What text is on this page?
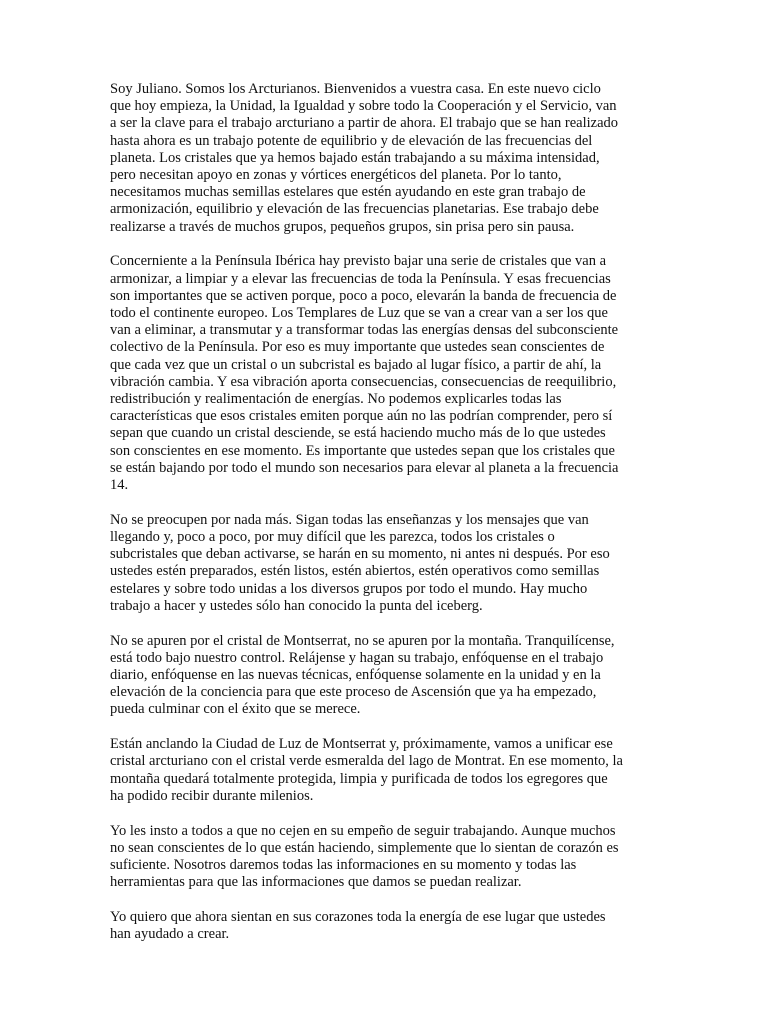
Soy Juliano. Somos los Arcturianos. Bienvenidos a vuestra casa. En este nuevo ciclo
que hoy empieza, la Unidad, la Igualdad y sobre todo la Cooperación y el Servicio, van
a ser la clave para el trabajo arcturiano a partir de ahora. El trabajo que se han realizado
hasta ahora es un trabajo potente de equilibrio y de elevación de las frecuencias del
planeta. Los cristales que ya hemos bajado están trabajando a su máxima intensidad,
pero necesitan apoyo en zonas y vórtices energéticos del planeta. Por lo tanto,
necesitamos muchas semillas estelares que estén ayudando en este gran trabajo de
armonización, equilibrio y elevación de las frecuencias planetarias. Ese trabajo debe
realizarse a través de muchos grupos, pequeños grupos, sin prisa pero sin pausa.

Concerniente a la Península Ibérica hay previsto bajar una serie de cristales que van a
armonizar, a limpiar y a elevar las frecuencias de toda la Península. Y esas frecuencias
son importantes que se activen porque, poco a poco, elevarán la banda de frecuencia de
todo el continente europeo. Los Templares de Luz que se van a crear van a ser los que
van a eliminar, a transmutar y a transformar todas las energías densas del subconsciente
colectivo de la Península. Por eso es muy importante que ustedes sean conscientes de
que cada vez que un cristal o un subcristal es bajado al lugar físico, a partir de ahí, la
vibración cambia. Y esa vibración aporta consecuencias, consecuencias de reequilibrio,
redistribución y realimentación de energías. No podemos explicarles todas las
características que esos cristales emiten porque aún no las podrían comprender, pero sí
sepan que cuando un cristal desciende, se está haciendo mucho más de lo que ustedes
son conscientes en ese momento. Es importante que ustedes sepan que los cristales que
se están bajando por todo el mundo son necesarios para elevar al planeta a la frecuencia
14.

No se preocupen por nada más. Sigan todas las enseñanzas y los mensajes que van
llegando y, poco a poco, por muy difícil que les parezca, todos los cristales o
subcristales que deban activarse, se harán en su momento, ni antes ni después. Por eso
ustedes estén preparados, estén listos, estén abiertos, estén operativos como semillas
estelares y sobre todo unidas a los diversos grupos por todo el mundo. Hay mucho
trabajo a hacer y ustedes sólo han conocido la punta del iceberg.

No se apuren por el cristal de Montserrat, no se apuren por la montaña. Tranquilícense,
está todo bajo nuestro control. Relájense y hagan su trabajo, enfóquense en el trabajo
diario, enfóquense en las nuevas técnicas, enfóquense solamente en la unidad y en la
elevación de la conciencia para que este proceso de Ascensión que ya ha empezado,
pueda culminar con el éxito que se merece.

Están anclando la Ciudad de Luz de Montserrat y, próximamente, vamos a unificar ese
cristal arcturiano con el cristal verde esmeralda del lago de Montrat. En ese momento, la
montaña quedará totalmente protegida, limpia y purificada de todos los egregores que
ha podido recibir durante milenios.

Yo les insto a todos a que no cejen en su empeño de seguir trabajando. Aunque muchos
no sean conscientes de lo que están haciendo, simplemente que lo sientan de corazón es
suficiente. Nosotros daremos todas las informaciones en su momento y todas las
herramientas para que las informaciones que damos se puedan realizar.

Yo quiero que ahora sientan en sus corazones toda la energía de ese lugar que ustedes
han ayudado a crear.
